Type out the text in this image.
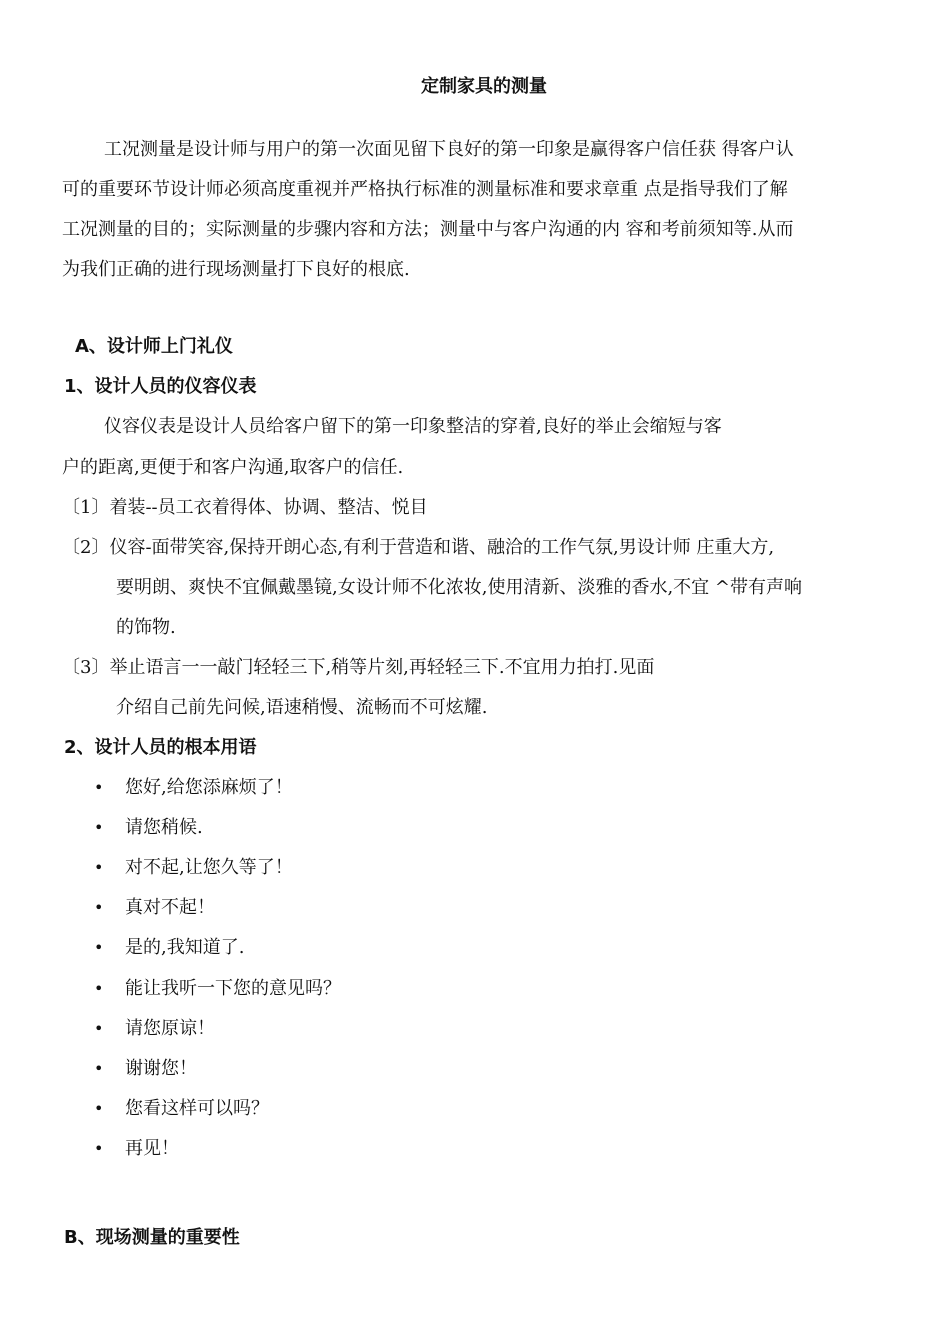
定制家具的测量
工况测量是设计师与用户的第一次面见留下良好的第一印象是赢得客户信任获 得客户认
可的重要环节设计师必须高度重视并严格执行标准的测量标准和要求章重 点是指导我们了解
工况测量的目的；实际测量的步骤内容和方法；测量中与客户沟通的内 容和考前须知等.从而
为我们正确的进行现场测量打下良好的根底.
A、设计师上门礼仪
1、设计人员的仪容仪表
仪容仪表是设计人员给客户留下的第一印象整洁的穿着,良好的举止会缩短与客
户的距离,更便于和客户沟通,取客户的信任.
〔1〕着装--员工衣着得体、协调、整洁、悦目
〔2〕仪容-面带笑容,保持开朗心态,有利于营造和谐、融洽的工作气氛,男设计师 庄重大方,
要明朗、爽快不宜佩戴墨镜,女设计师不化浓妆,使用清新、淡雅的香水,不宜 ^带有声响
的饰物.
〔3〕举止语言一一敲门轻轻三下,稍等片刻,再轻轻三下.不宜用力拍打.见面
介绍自己前先问候,语速稍慢、流畅而不可炫耀.
2、设计人员的根本用语
• 您好,给您添麻烦了！
• 请您稍候.
• 对不起,让您久等了！
• 真对不起！
• 是的,我知道了.
• 能让我听一下您的意见吗？
• 请您原谅！
• 谢谢您！
• 您看这样可以吗？
• 再见！
B、现场测量的重要性
